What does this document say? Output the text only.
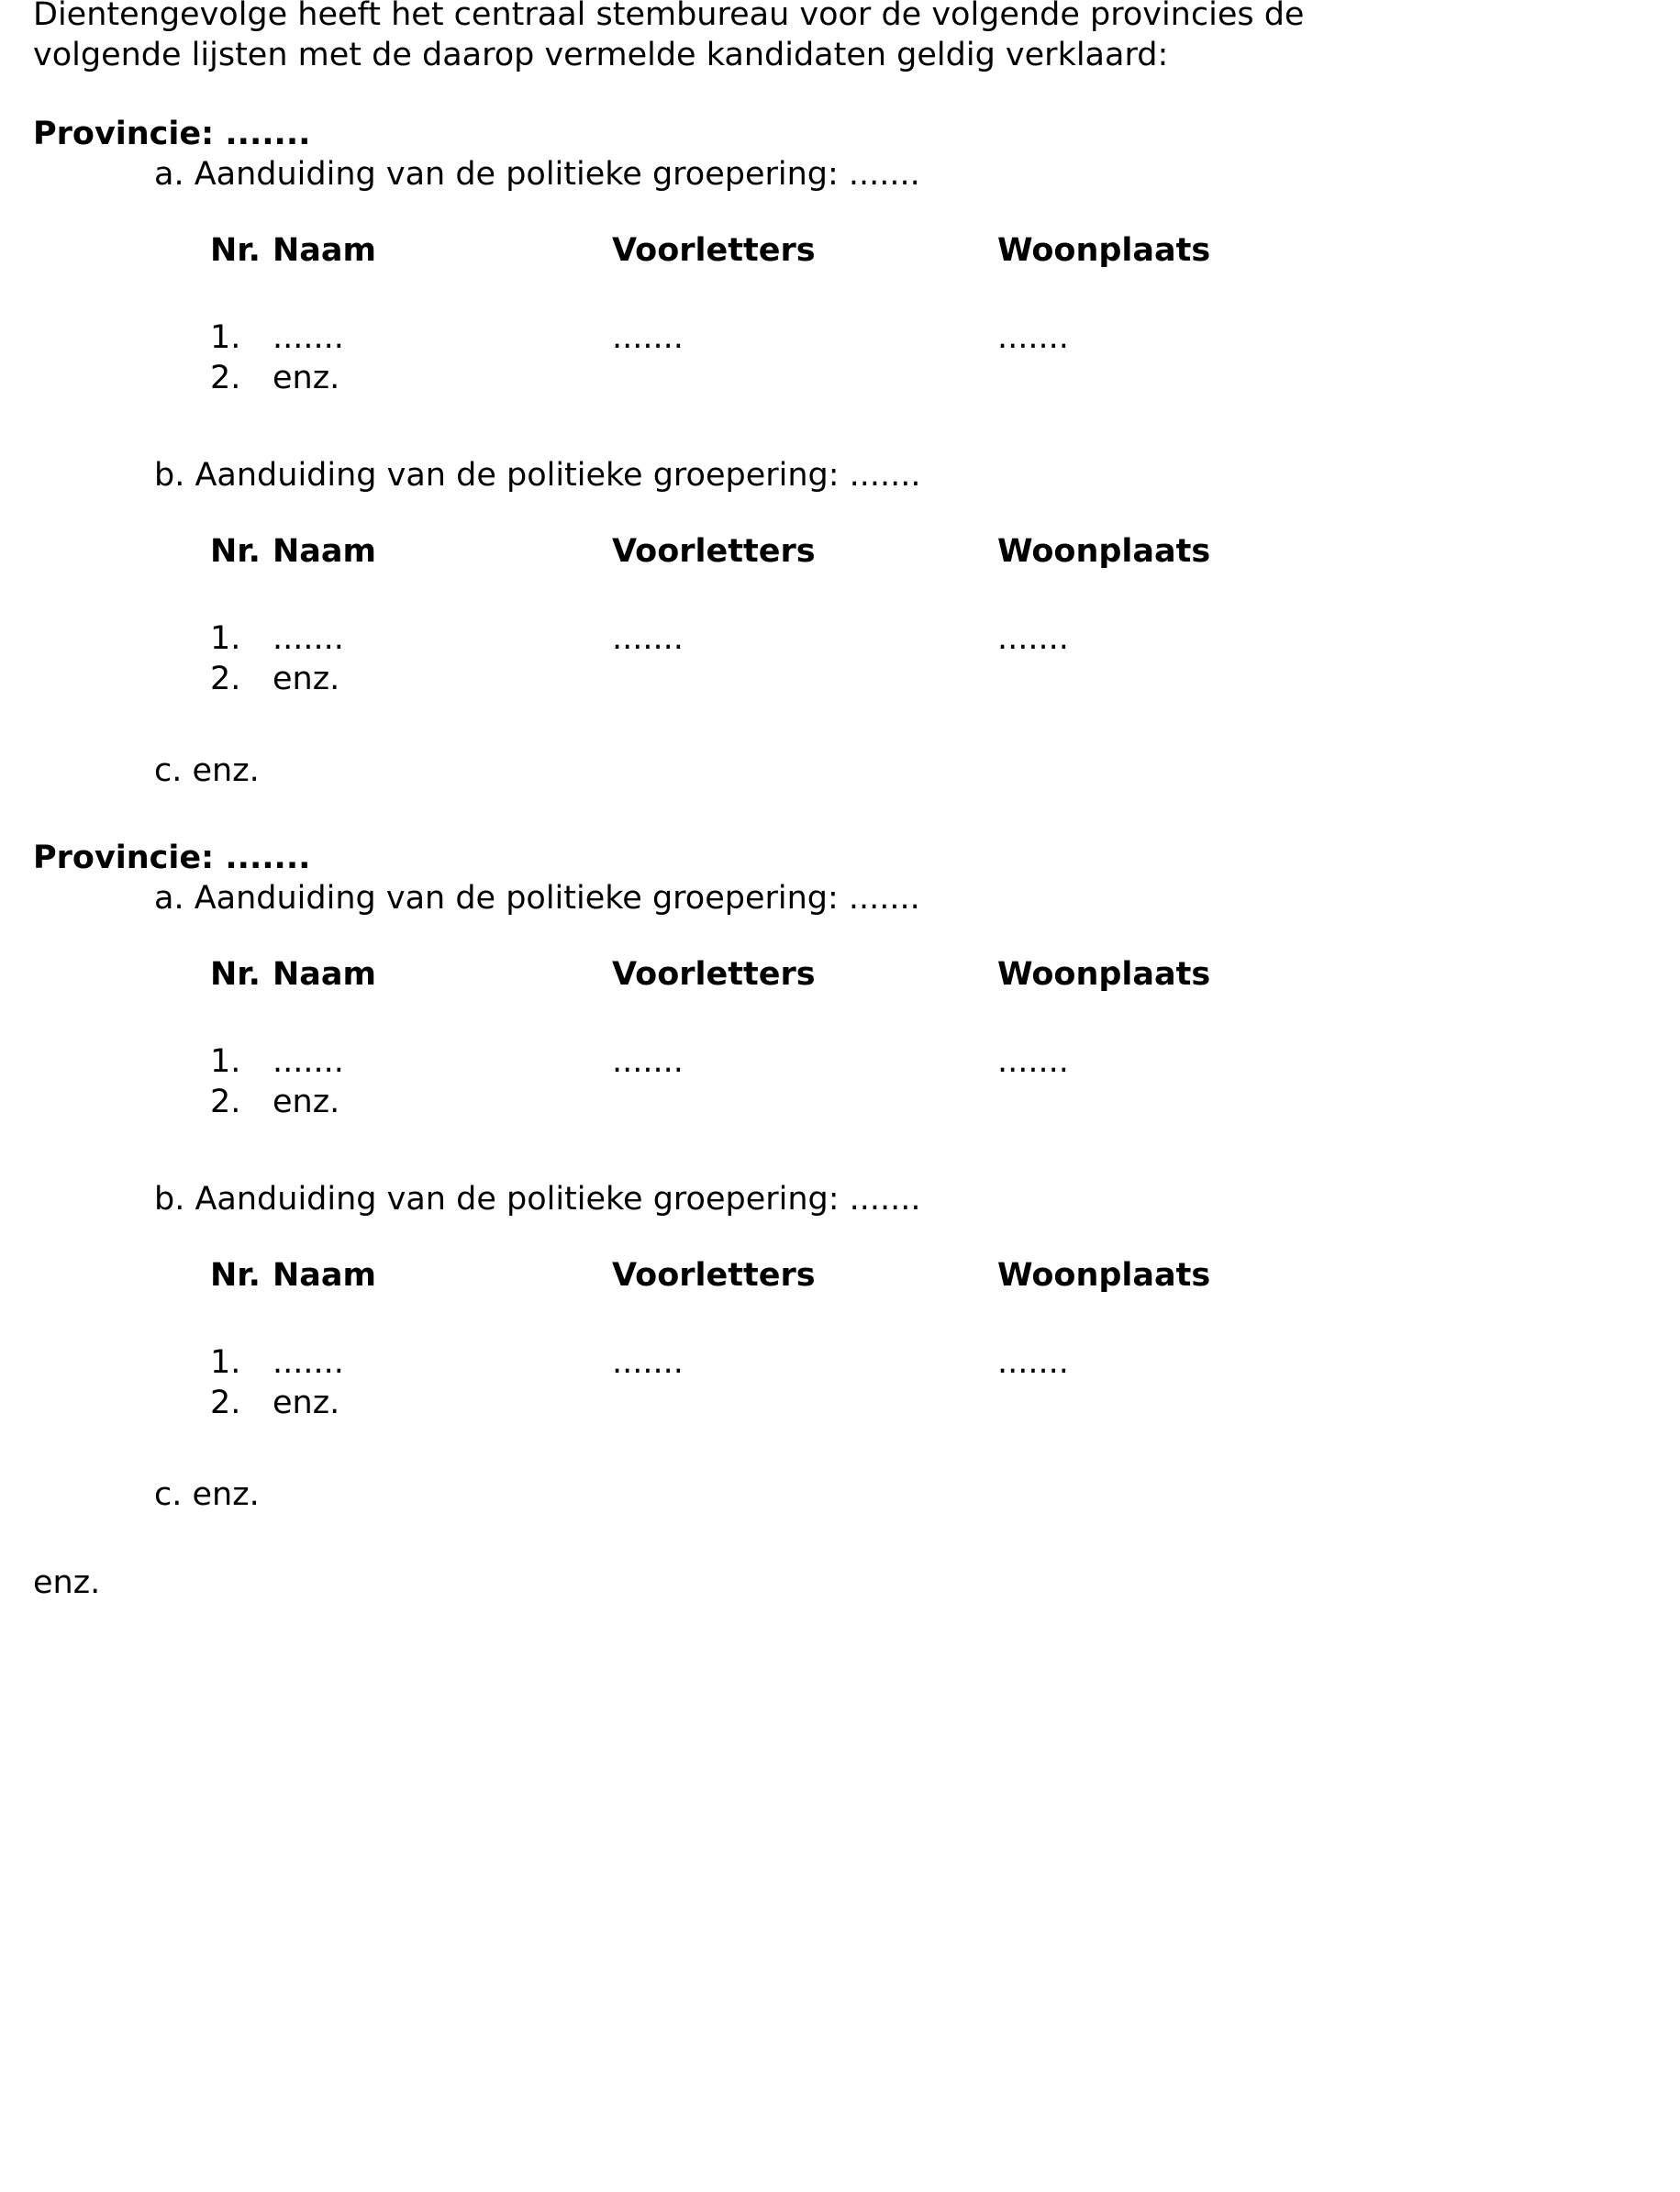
Dientengevolge heeft het centraal stembureau voor de volgende provincies de
volgende lijsten met de daarop vermelde kandidaten geldig verklaard:
Provincie: .......
a. Aanduiding van de politieke groepering: .......
Nr. Naam	Voorletters	Woonplaats
1. .......	.......	.......
2. enz.
b. Aanduiding van de politieke groepering: .......
Nr. Naam	Voorletters	Woonplaats
1. .......	.......	.......
2. enz.
c. enz.
Provincie: .......
a. Aanduiding van de politieke groepering: .......
Nr. Naam	Voorletters	Woonplaats
1. .......	.......	.......
2. enz.
b. Aanduiding van de politieke groepering: .......
Nr. Naam	Voorletters	Woonplaats
1. .......	.......	.......
2. enz.
c. enz.
enz.
